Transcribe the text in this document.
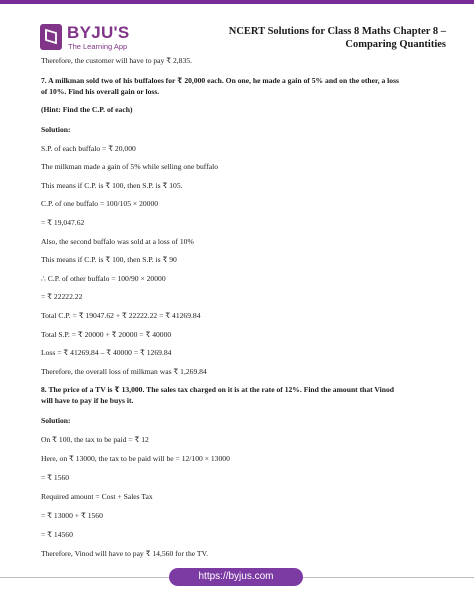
BYJU'S
The Learning App
NCERT Solutions for Class 8 Maths Chapter 8 –
Comparing Quantities
Therefore, the customer will have to pay ₹ 2,835.
7. A milkman sold two of his buffaloes for ₹ 20,000 each. On one, he made a gain of 5% and on the other, a loss
of 10%. Find his overall gain or loss.
(Hint: Find the C.P. of each)
Solution:
S.P. of each buffalo = ₹ 20,000
The milkman made a gain of 5% while selling one buffalo
This means if C.P. is ₹ 100, then S.P. is ₹ 105.
C.P. of one buffalo = 100/105 × 20000
= ₹ 19,047.62
Also, the second buffalo was sold at a loss of 10%
This means if C.P. is ₹ 100, then S.P. is ₹ 90
∴ C.P. of other buffalo = 100/90 × 20000
= ₹ 22222.22
Total C.P. = ₹ 19047.62 + ₹ 22222.22 = ₹ 41269.84
Total S.P. = ₹ 20000 + ₹ 20000 = ₹ 40000
Loss = ₹ 41269.84 – ₹ 40000 = ₹ 1269.84
Therefore, the overall loss of milkman was ₹ 1,269.84
8. The price of a TV is ₹ 13,000. The sales tax charged on it is at the rate of 12%. Find the amount that Vinod
will have to pay if he buys it.
Solution:
On ₹ 100, the tax to be paid = ₹ 12
Here, on ₹ 13000, the tax to be paid will be = 12/100 × 13000
= ₹ 1560
Required amount = Cost + Sales Tax
= ₹ 13000 + ₹ 1560
= ₹ 14560
Therefore, Vinod will have to pay ₹ 14,560 for the TV.
https://byjus.com
